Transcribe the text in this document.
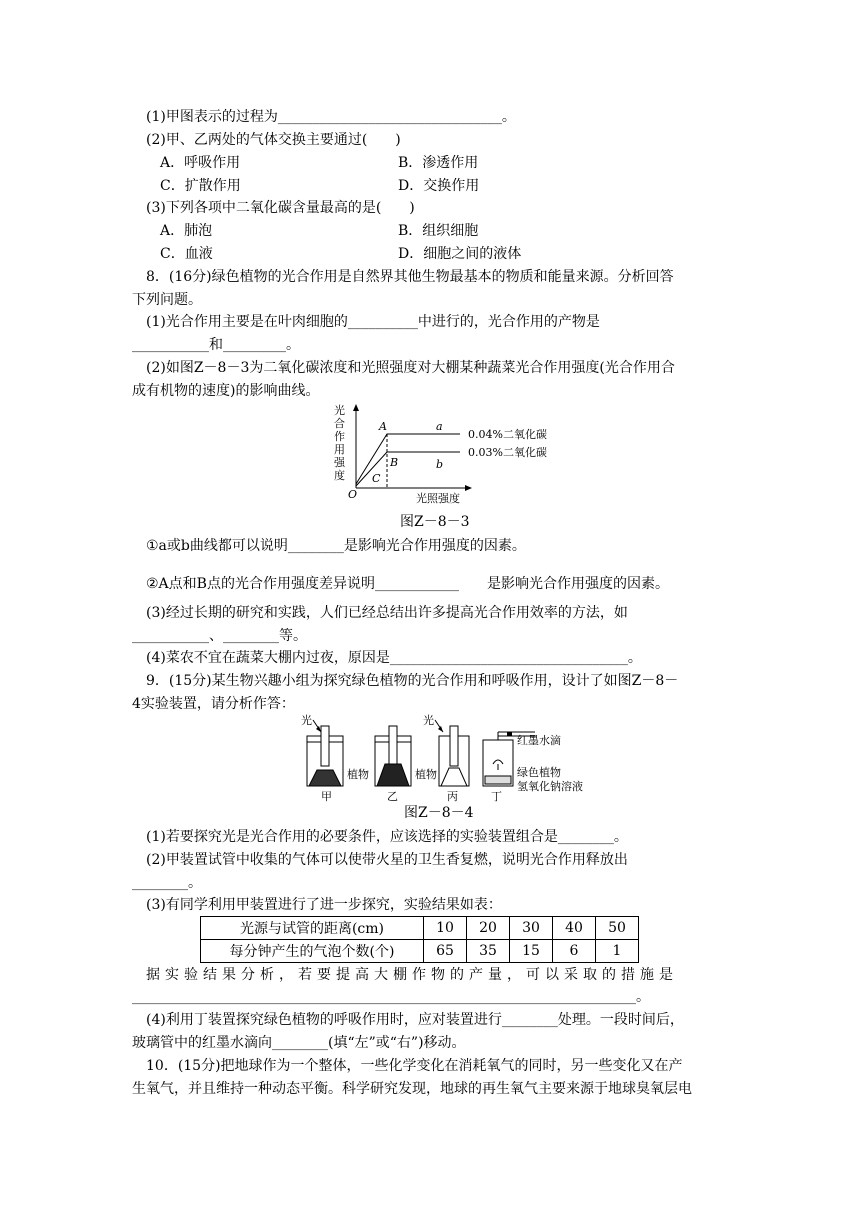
(1)甲图表示的过程为________________________________。
(2)甲、乙两处的气体交换主要通过(　　)
A．呼吸作用	B．渗透作用
C．扩散作用	D．交换作用
(3)下列各项中二氧化碳含量最高的是(　　)
A．肺泡	B．组织细胞
C．血液	D．细胞之间的液体
8．(16分)绿色植物的光合作用是自然界其他生物最基本的物质和能量来源。分析回答
下列问题。
(1)光合作用主要是在叶肉细胞的__________中进行的，光合作用的产物是
___________和_________。
(2)如图Z－8－3为二氧化碳浓度和光照强度对大棚某种蔬菜光合作用强度(光合作用合
成有机物的速度)的影响曲线。
光
合
作
用
强
度
O	光照强度
A
B
C
a
b
0.04%二氧化碳
0.03%二氧化碳
图Z－8－3
①a或b曲线都可以说明________是影响光合作用强度的因素。
②A点和B点的光合作用强度差异说明____________　　是影响光合作用强度的因素。
(3)经过长期的研究和实践，人们已经总结出许多提高光合作用效率的方法，如
___________、________等。
(4)菜农不宜在蔬菜大棚内过夜，原因是__________________________________。
9．(15分)某生物兴趣小组为探究绿色植物的光合作用和呼吸作用，设计了如图Z－8－
4实验装置，请分析作答：
光
植物
甲
植物
乙
光
丙
红墨水滴
绿色植物
氢氧化钠溶液
丁
图Z－8－4
(1)若要探究光是光合作用的必要条件，应该选择的实验装置组合是________。
(2)甲装置试管中收集的气体可以使带火星的卫生香复燃，说明光合作用释放出
________。
(3)有同学利用甲装置进行了进一步探究，实验结果如表：
光源与试管的距离(cm)	10	20	30	40	50
每分钟产生的气泡个数(个)	65	35	15	6	1
据实验结果分析，若要提高大棚作物的产量，可以采取的措施是
________________________________________________________________________。
(4)利用丁装置探究绿色植物的呼吸作用时，应对装置进行________处理。一段时间后，
玻璃管中的红墨水滴向________(填“左”或“右”)移动。
10．(15分)把地球作为一个整体，一些化学变化在消耗氧气的同时，另一些变化又在产
生氧气，并且维持一种动态平衡。科学研究发现，地球的再生氧气主要来源于地球臭氧层电
